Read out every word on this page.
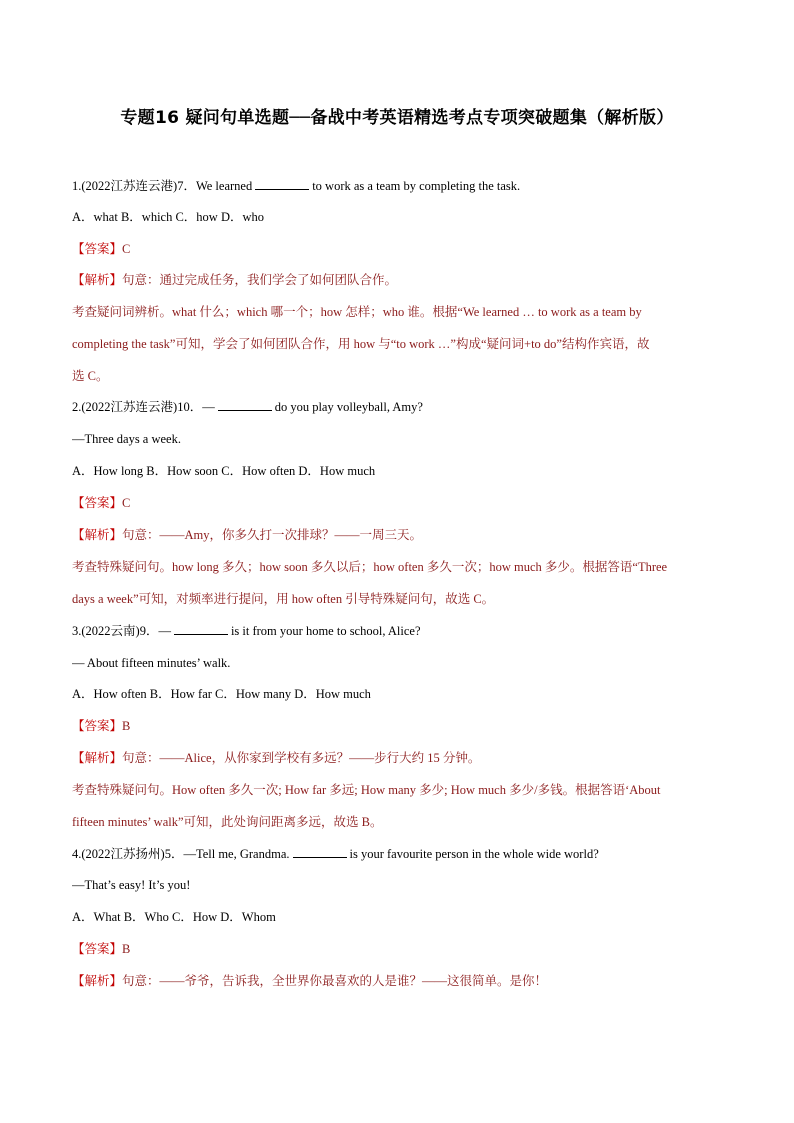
专题16 疑问句单选题──备战中考英语精选考点专项突破题集（解析版）
1.(2022江苏连云港)7．We learned	to work as a team by completing the task.
A．what B．which C．how D．who
【答案】C
【解析】句意：通过完成任务，我们学会了如何团队合作。
考查疑问词辨析。what 什么；which 哪一个；how 怎样；who 谁。根据“We learned … to work as a team by
completing the task”可知，学会了如何团队合作，用 how 与“to work …”构成“疑问词+to do”结构作宾语，故
选 C。
2.(2022江苏连云港)10．—	do you play volleyball, Amy?
—Three days a week.
A．How long B．How soon C．How often D．How much
【答案】C
【解析】句意：——Amy，你多久打一次排球？——一周三天。
考查特殊疑问句。how long 多久；how soon 多久以后；how often 多久一次；how much 多少。根据答语“Three
days a week”可知，对频率进行提问，用 how often 引导特殊疑问句，故选 C。
3.(2022云南)9．—	is it from your home to school, Alice?
— About fifteen minutes’ walk.
A．How often B．How far C．How many D．How much
【答案】B
【解析】句意：——Alice，从你家到学校有多远？——步行大约 15 分钟。
考查特殊疑问句。How often 多久一次; How far 多远; How many 多少; How much 多少/多钱。根据答语‘About
fifteen minutes’ walk”可知，此处询问距离多远，故选 B。
4.(2022江苏扬州)5．—Tell me, Grandma.	is your favourite person in the whole wide world?
—That’s easy! It’s you!
A．What B．Who C．How D．Whom
【答案】B
【解析】句意：——爷爷，告诉我，全世界你最喜欢的人是谁？——这很简单。是你！
